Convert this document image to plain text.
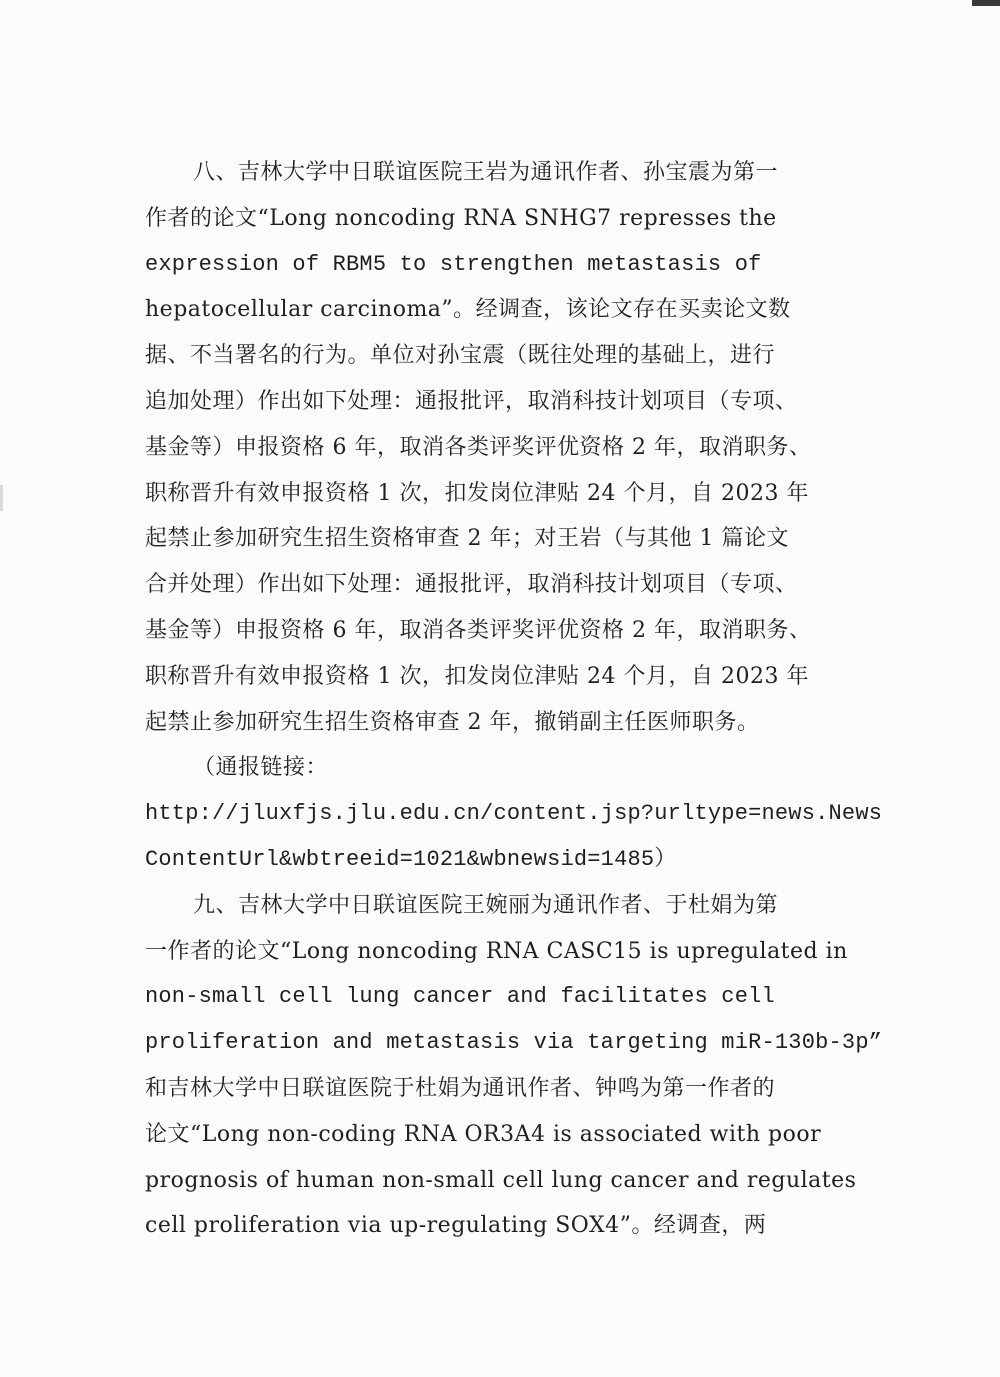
八、吉林大学中日联谊医院王岩为通讯作者、孙宝震为第一
作者的论文“Long noncoding RNA SNHG7 represses the
expression of RBM5 to strengthen metastasis of
hepatocellular carcinoma”。经调查，该论文存在买卖论文数
据、不当署名的行为。单位对孙宝震（既往处理的基础上，进行
追加处理）作出如下处理：通报批评，取消科技计划项目（专项、
基金等）申报资格 6 年，取消各类评奖评优资格 2 年，取消职务、
职称晋升有效申报资格 1 次，扣发岗位津贴 24 个月，自 2023 年
起禁止参加研究生招生资格审查 2 年；对王岩（与其他 1 篇论文
合并处理）作出如下处理：通报批评，取消科技计划项目（专项、
基金等）申报资格 6 年，取消各类评奖评优资格 2 年，取消职务、
职称晋升有效申报资格 1 次，扣发岗位津贴 24 个月，自 2023 年
起禁止参加研究生招生资格审查 2 年，撤销副主任医师职务。
（通报链接：
http://jluxfjs.jlu.edu.cn/content.jsp?urltype=news.News
ContentUrl&wbtreeid=1021&wbnewsid=1485）
九、吉林大学中日联谊医院王婉丽为通讯作者、于杜娟为第
一作者的论文“Long noncoding RNA CASC15 is upregulated in
non-small cell lung cancer and facilitates cell
proliferation and metastasis via targeting miR-130b-3p”
和吉林大学中日联谊医院于杜娟为通讯作者、钟鸣为第一作者的
论文“Long non-coding RNA OR3A4 is associated with poor
prognosis of human non-small cell lung cancer and regulates
cell proliferation via up-regulating SOX4”。经调查，两
